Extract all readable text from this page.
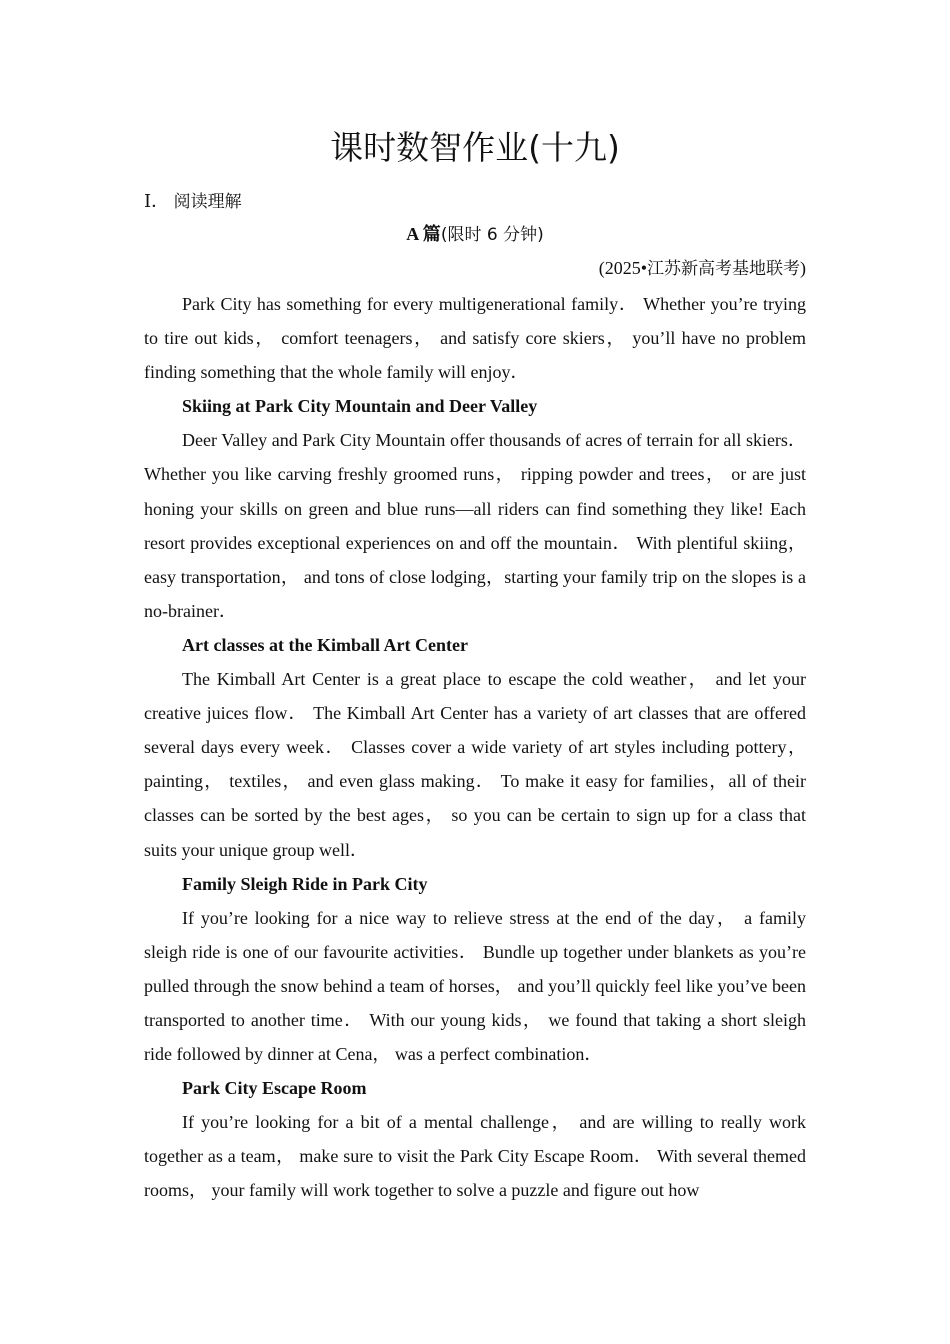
课时数智作业(十九)
Ⅰ． 阅读理解
A 篇(限时 6 分钟)
(2025•江苏新高考基地联考)

Park City has something for every multigenerational family． Whether you’re trying to tire out kids， comfort teenagers， and satisfy core skiers， you’ll have no problem finding something that the whole family will enjoy．

Skiing at Park City Mountain and Deer Valley

Deer Valley and Park City Mountain offer thousands of acres of terrain for all skiers． Whether you like carving freshly groomed runs， ripping powder and trees， or are just honing your skills on green and blue runs—all riders can find something they like! Each resort provides exceptional experiences on and off the mountain． With plentiful skiing， easy transportation， and tons of close lodging，starting your family trip on the slopes is a no-brainer．

Art classes at the Kimball Art Center

The Kimball Art Center is a great place to escape the cold weather， and let your creative juices flow． The Kimball Art Center has a variety of art classes that are offered several days every week． Classes cover a wide variety of art styles including pottery， painting， textiles， and even glass making． To make it easy for families，all of their classes can be sorted by the best ages， so you can be certain to sign up for a class that suits your unique group well．

Family Sleigh Ride in Park City

If you’re looking for a nice way to relieve stress at the end of the day， a family sleigh ride is one of our favourite activities． Bundle up together under blankets as you’re pulled through the snow behind a team of horses， and you’ll quickly feel like you’ve been transported to another time． With our young kids， we found that taking a short sleigh ride followed by dinner at Cena， was a perfect combination．

Park City Escape Room

If you’re looking for a bit of a mental challenge， and are willing to really work together as a team， make sure to visit the Park City Escape Room． With several themed rooms， your family will work together to solve a puzzle and figure out how
